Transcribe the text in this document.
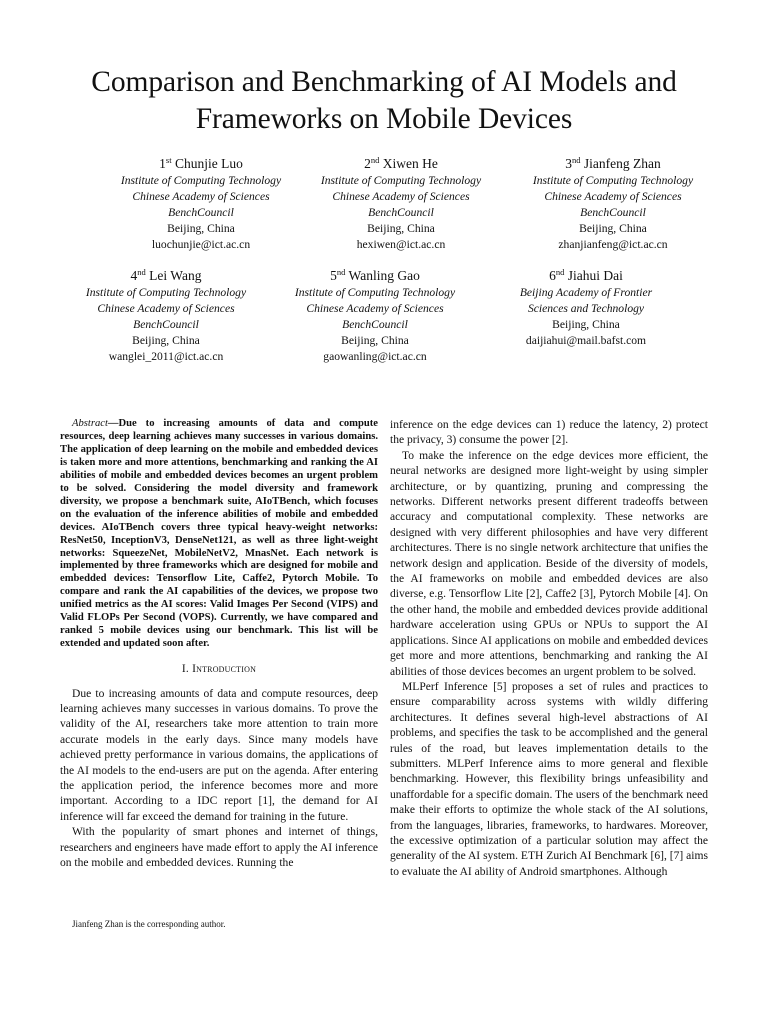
Comparison and Benchmarking of AI Models and Frameworks on Mobile Devices
1st Chunjie Luo
Institute of Computing Technology
Chinese Academy of Sciences
BenchCouncil
Beijing, China
luochunjie@ict.ac.cn
2nd Xiwen He
Institute of Computing Technology
Chinese Academy of Sciences
BenchCouncil
Beijing, China
hexiwen@ict.ac.cn
3nd Jianfeng Zhan
Institute of Computing Technology
Chinese Academy of Sciences
BenchCouncil
Beijing, China
zhanjianfeng@ict.ac.cn
4nd Lei Wang
Institute of Computing Technology
Chinese Academy of Sciences
BenchCouncil
Beijing, China
wanglei_2011@ict.ac.cn
5nd Wanling Gao
Institute of Computing Technology
Chinese Academy of Sciences
BenchCouncil
Beijing, China
gaowanling@ict.ac.cn
6nd Jiahui Dai
Beijing Academy of Frontier
Sciences and Technology
Beijing, China
daijiahui@mail.bafst.com

Abstract—Due to increasing amounts of data and compute resources, deep learning achieves many successes in various domains. The application of deep learning on the mobile and embedded devices is taken more and more attentions, benchmarking and ranking the AI abilities of mobile and embedded devices becomes an urgent problem to be solved. Considering the model diversity and framework diversity, we propose a benchmark suite, AIoTBench, which focuses on the evaluation of the inference abilities of mobile and embedded devices. AIoTBench covers three typical heavy-weight networks: ResNet50, InceptionV3, DenseNet121, as well as three light-weight networks: SqueezeNet, MobileNetV2, MnasNet. Each network is implemented by three frameworks which are designed for mobile and embedded devices: Tensorflow Lite, Caffe2, Pytorch Mobile. To compare and rank the AI capabilities of the devices, we propose two unified metrics as the AI scores: Valid Images Per Second (VIPS) and Valid FLOPs Per Second (VOPS). Currently, we have compared and ranked 5 mobile devices using our benchmark. This list will be extended and updated soon after.

I. Introduction

Due to increasing amounts of data and compute resources, deep learning achieves many successes in various domains. To prove the validity of the AI, researchers take more attention to train more accurate models in the early days. Since many models have achieved pretty performance in various domains, the applications of the AI models to the end-users are put on the agenda. After entering the application period, the inference becomes more and more important. According to a IDC report [1], the demand for AI inference will far exceed the demand for training in the future.

With the popularity of smart phones and internet of things, researchers and engineers have made effort to apply the AI inference on the mobile and embedded devices. Running the

Jianfeng Zhan is the corresponding author.

inference on the edge devices can 1) reduce the latency, 2) protect the privacy, 3) consume the power [2].

To make the inference on the edge devices more efficient, the neural networks are designed more light-weight by using simpler architecture, or by quantizing, pruning and compressing the networks. Different networks present different tradeoffs between accuracy and computational complexity. These networks are designed with very different philosophies and have very different architectures. There is no single network architecture that unifies the network design and application. Beside of the diversity of models, the AI frameworks on mobile and embedded devices are also diverse, e.g. Tensorflow Lite [2], Caffe2 [3], Pytorch Mobile [4]. On the other hand, the mobile and embedded devices provide additional hardware acceleration using GPUs or NPUs to support the AI applications. Since AI applications on mobile and embedded devices get more and more attentions, benchmarking and ranking the AI abilities of those devices becomes an urgent problem to be solved.

MLPerf Inference [5] proposes a set of rules and practices to ensure comparability across systems with wildly differing architectures. It defines several high-level abstractions of AI problems, and specifies the task to be accomplished and the general rules of the road, but leaves implementation details to the submitters. MLPerf Inference aims to more general and flexible benchmarking. However, this flexibility brings unfeasibility and unaffordable for a specific domain. The users of the benchmark need make their efforts to optimize the whole stack of the AI solutions, from the languages, libraries, frameworks, to hardwares. Moreover, the excessive optimization of a particular solution may affect the generality of the AI system. ETH Zurich AI Benchmark [6], [7] aims to evaluate the AI ability of Android smartphones. Although
